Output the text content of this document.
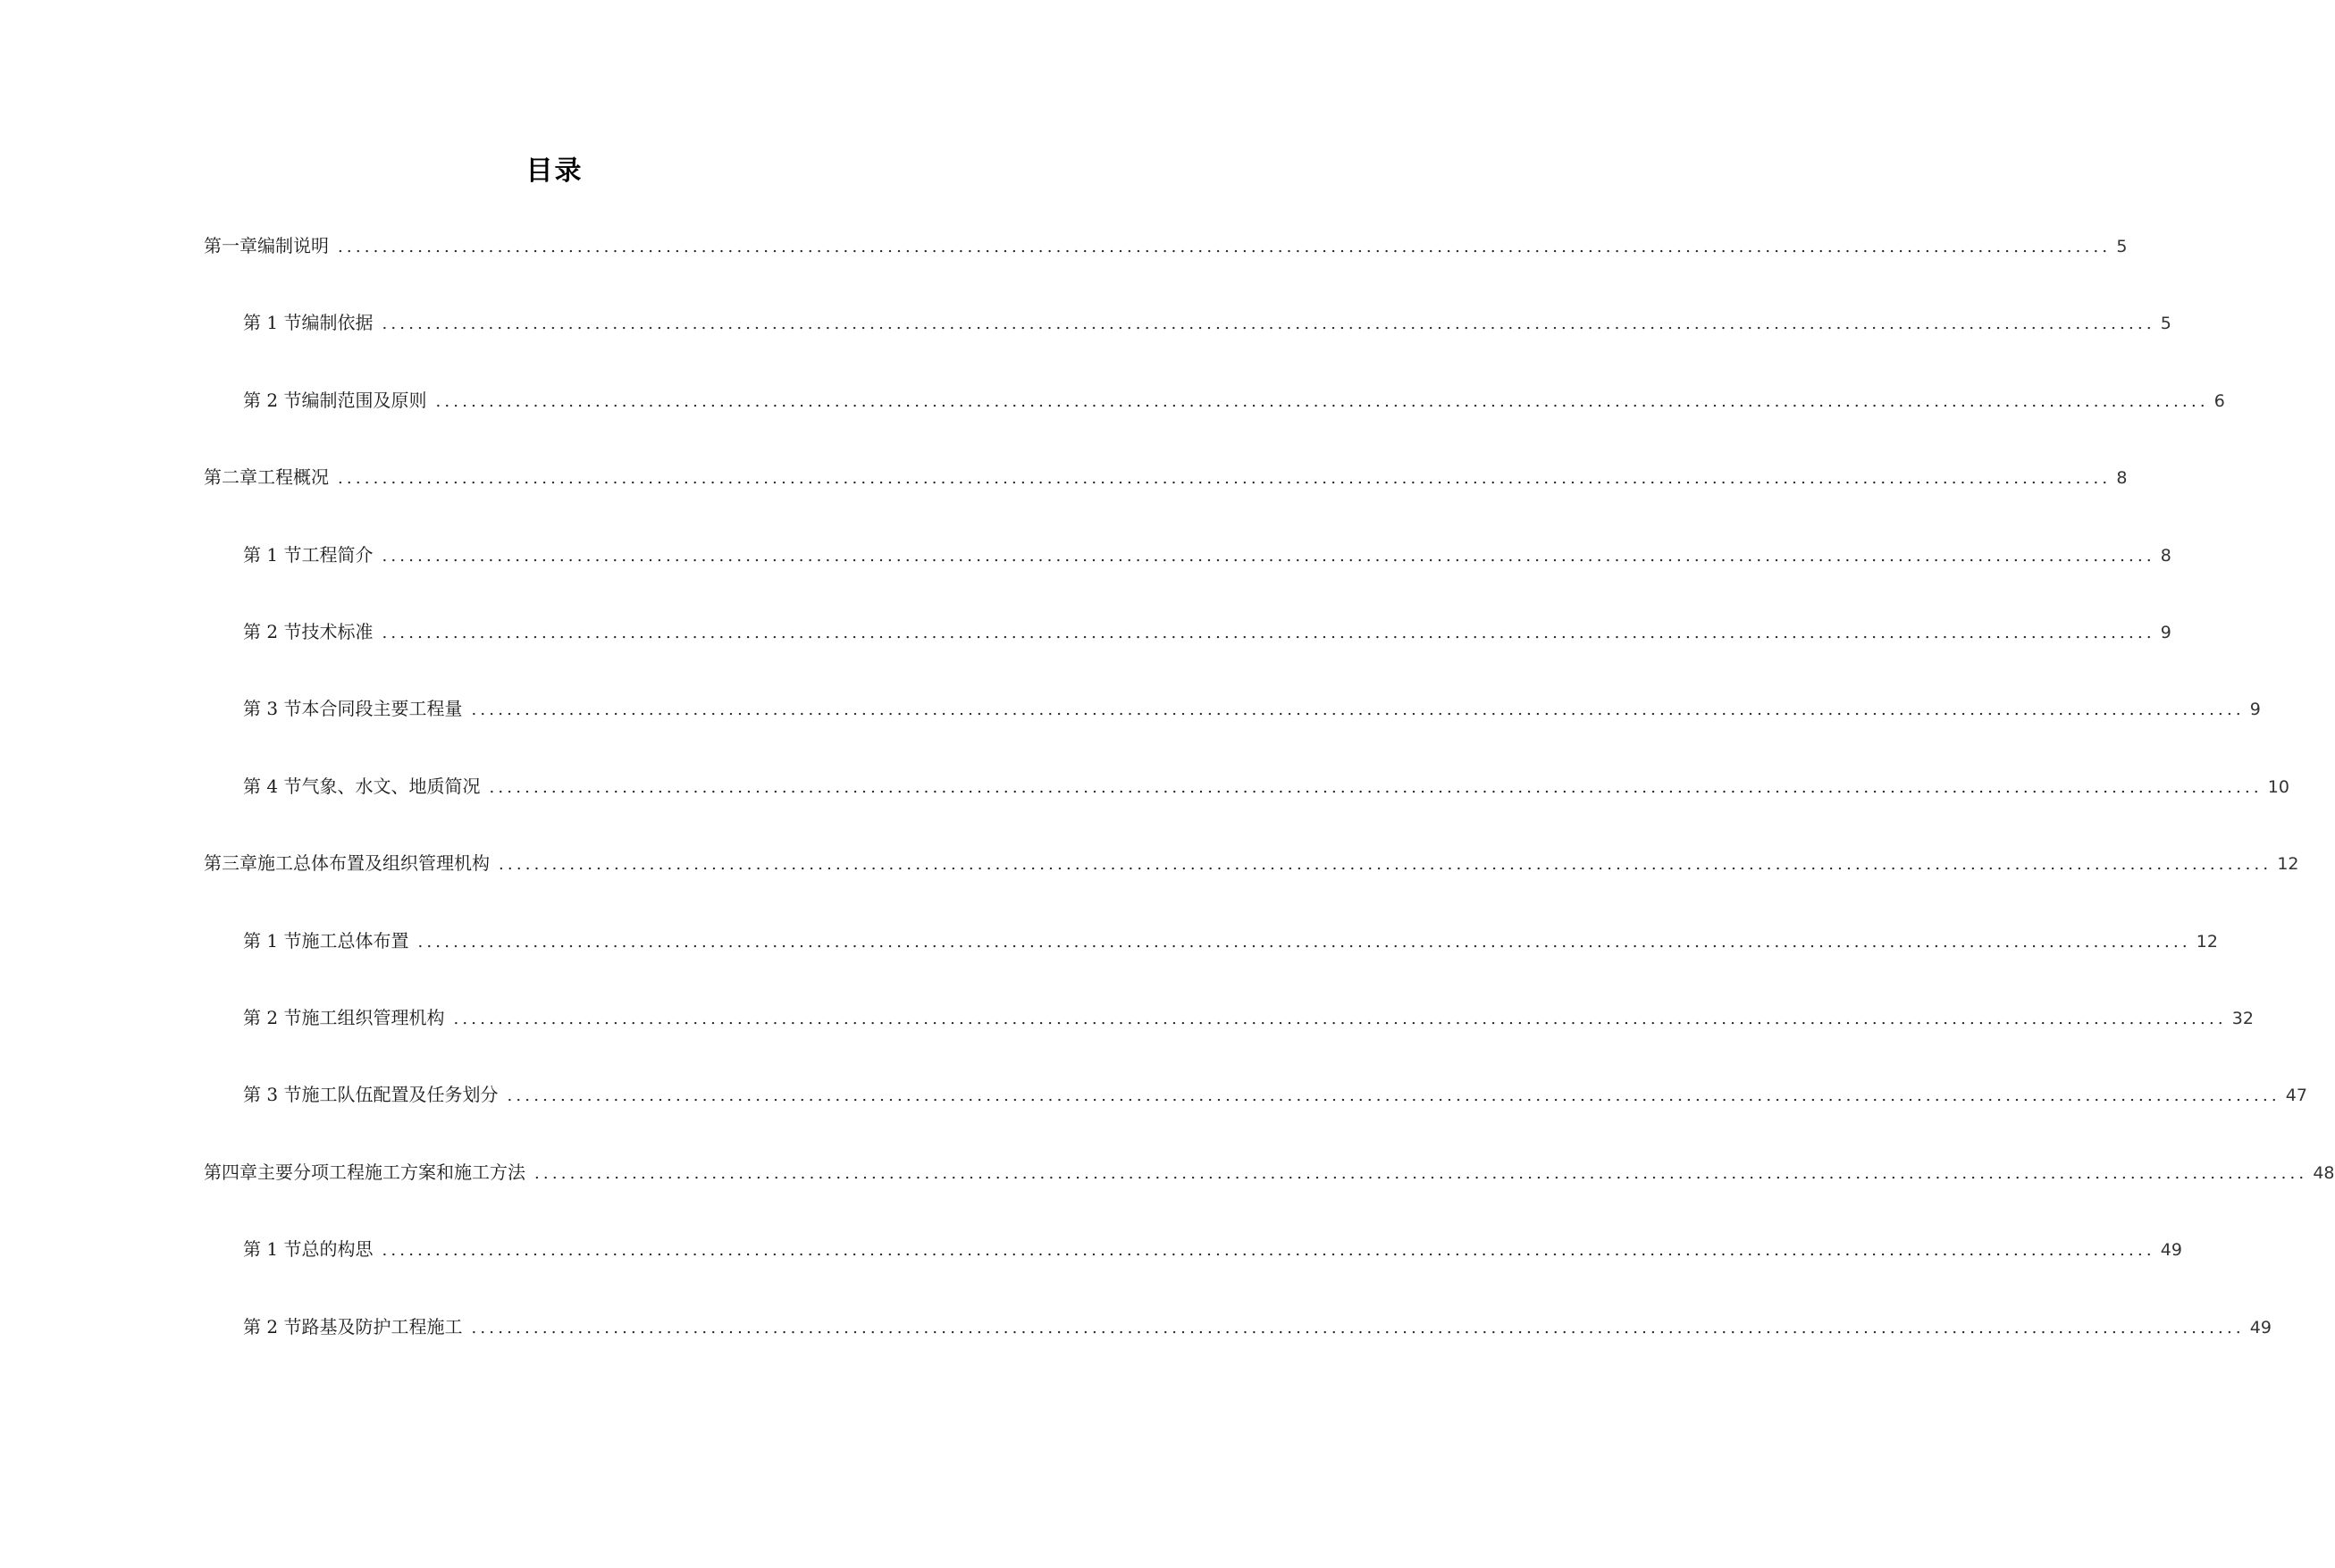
目录
第一章 编制说明 ........................................................................................................................................................................................................ 5
第 1 节 编制依据 ........................................................................................................................................................................................................ 5
第 2 节 编制范围及原则 ........................................................................................................................................................................................................ 6
第二章 工程概况 ........................................................................................................................................................................................................ 8
第 1 节 工程简介 ........................................................................................................................................................................................................ 8
第 2 节 技术标准 ........................................................................................................................................................................................................ 9
第 3 节 本合同段主要工程量 ........................................................................................................................................................................................................ 9
第 4 节 气象、水文、地质简况 ........................................................................................................................................................................................................ 10
第三章 施工总体布置及组织管理机构 ........................................................................................................................................................................................................ 12
第 1 节 施工总体布置 ........................................................................................................................................................................................................ 12
第 2 节 施工组织管理机构 ........................................................................................................................................................................................................ 32
第 3 节 施工队伍配置及任务划分 ........................................................................................................................................................................................................ 47
第四章 主要分项工程施工方案和施工方法 ........................................................................................................................................................................................................ 48
第 1 节 总的构思 ........................................................................................................................................................................................................ 49
第 2 节 路基及防护工程施工 ........................................................................................................................................................................................................ 49
